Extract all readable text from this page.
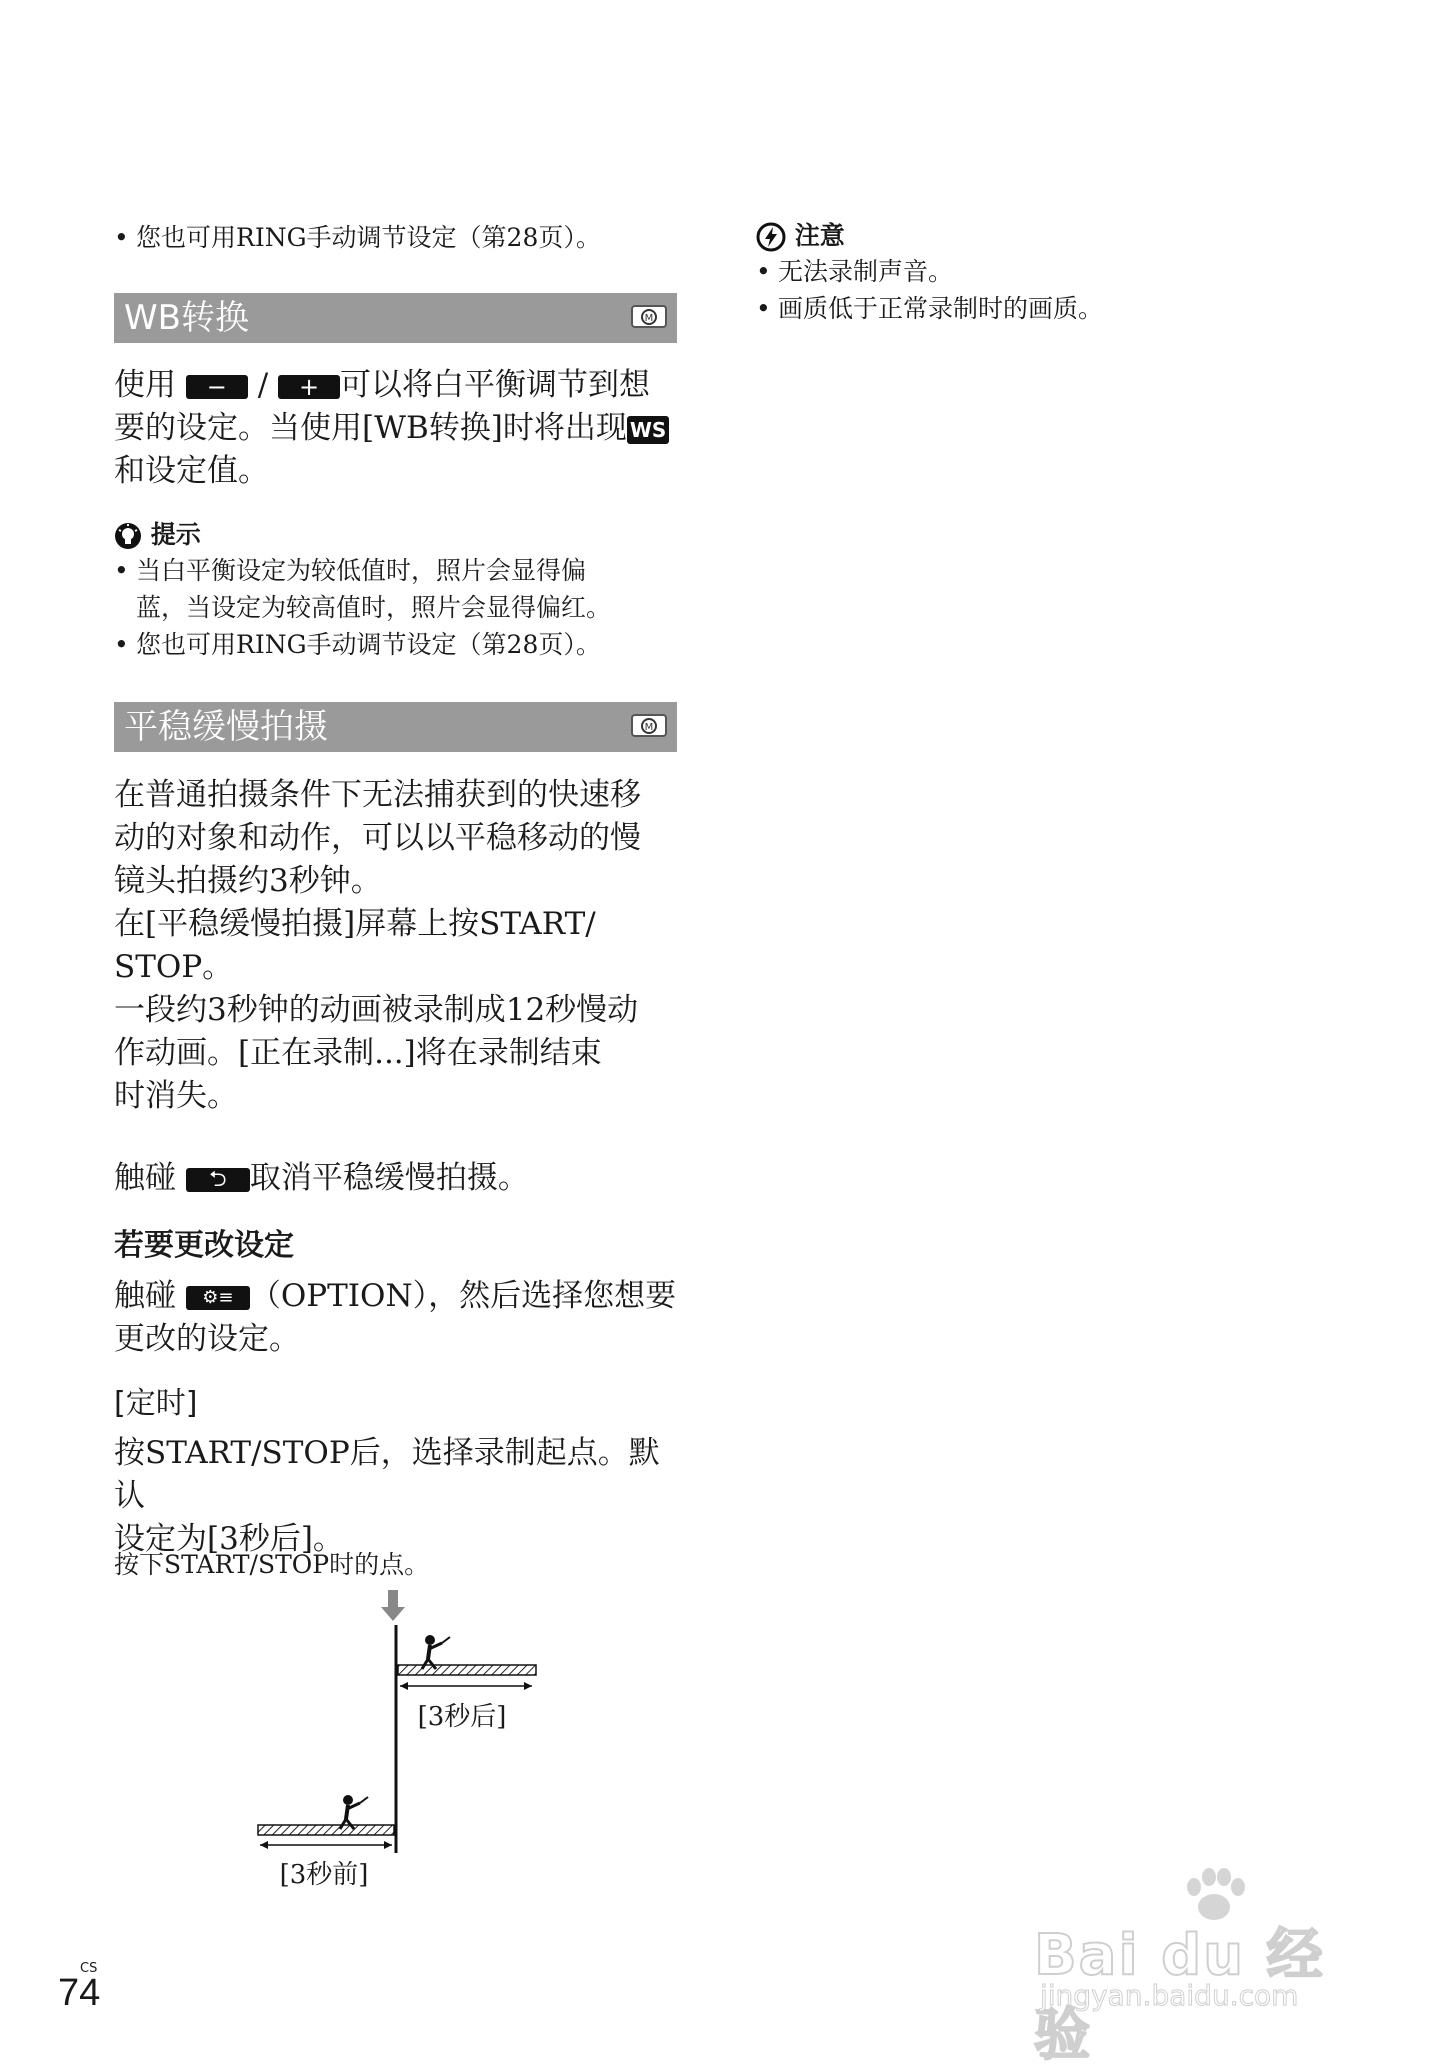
• 您也可用RING手动调节设定（第28页）。
WB转换	M
使用 − / + 可以将白平衡调节到想
要的设定。当使用[WB转换]时将出现 WS
和设定值。
提示
• 当白平衡设定为较低值时，照片会显得偏
蓝，当设定为较高值时，照片会显得偏红。
• 您也可用RING手动调节设定（第28页）。
平稳缓慢拍摄	M
在普通拍摄条件下无法捕获到的快速移
动的对象和动作，可以以平稳移动的慢
镜头拍摄约3秒钟。
在[平稳缓慢拍摄]屏幕上按START/
STOP。
一段约3秒钟的动画被录制成12秒慢动
作动画。[正在录制...]将在录制结束
时消失。
触碰 ⮌ 取消平稳缓慢拍摄。
若要更改设定
触碰 ⚙≡ （OPTION），然后选择您想要
更改的设定。
[定时]
按START/STOP后，选择录制起点。默认
设定为[3秒后]。
按下START/STOP时的点。
[3秒后]
[3秒前]
注意
• 无法录制声音。
• 画质低于正常录制时的画质。
CS
74
Bai du 经验
jingyan.baidu.com
